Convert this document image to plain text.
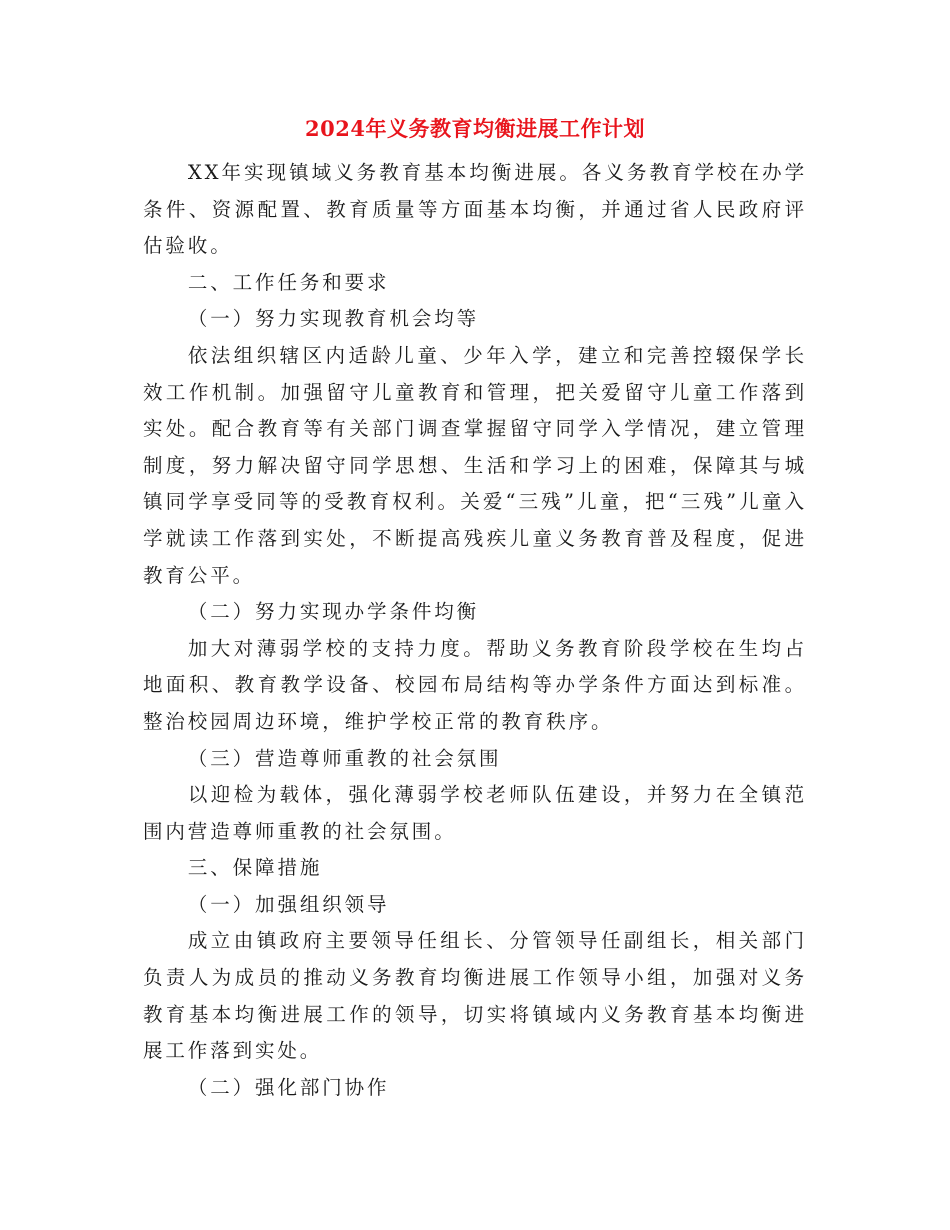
2024年义务教育均衡进展工作计划

XX年实现镇域义务教育基本均衡进展。各义务教育学校在办学条件、资源配置、教育质量等方面基本均衡，并通过省人民政府评估验收。

二、工作任务和要求

（一）努力实现教育机会均等

依法组织辖区内适龄儿童、少年入学，建立和完善控辍保学长效工作机制。加强留守儿童教育和管理，把关爱留守儿童工作落到实处。配合教育等有关部门调查掌握留守同学入学情况，建立管理制度，努力解决留守同学思想、生活和学习上的困难，保障其与城镇同学享受同等的受教育权利。关爱“三残”儿童，把“三残”儿童入学就读工作落到实处，不断提高残疾儿童义务教育普及程度，促进教育公平。

（二）努力实现办学条件均衡

加大对薄弱学校的支持力度。帮助义务教育阶段学校在生均占地面积、教育教学设备、校园布局结构等办学条件方面达到标准。整治校园周边环境，维护学校正常的教育秩序。

（三）营造尊师重教的社会氛围

以迎检为载体，强化薄弱学校老师队伍建设，并努力在全镇范围内营造尊师重教的社会氛围。

三、保障措施

（一）加强组织领导

成立由镇政府主要领导任组长、分管领导任副组长，相关部门负责人为成员的推动义务教育均衡进展工作领导小组，加强对义务教育基本均衡进展工作的领导，切实将镇域内义务教育基本均衡进展工作落到实处。

（二）强化部门协作
